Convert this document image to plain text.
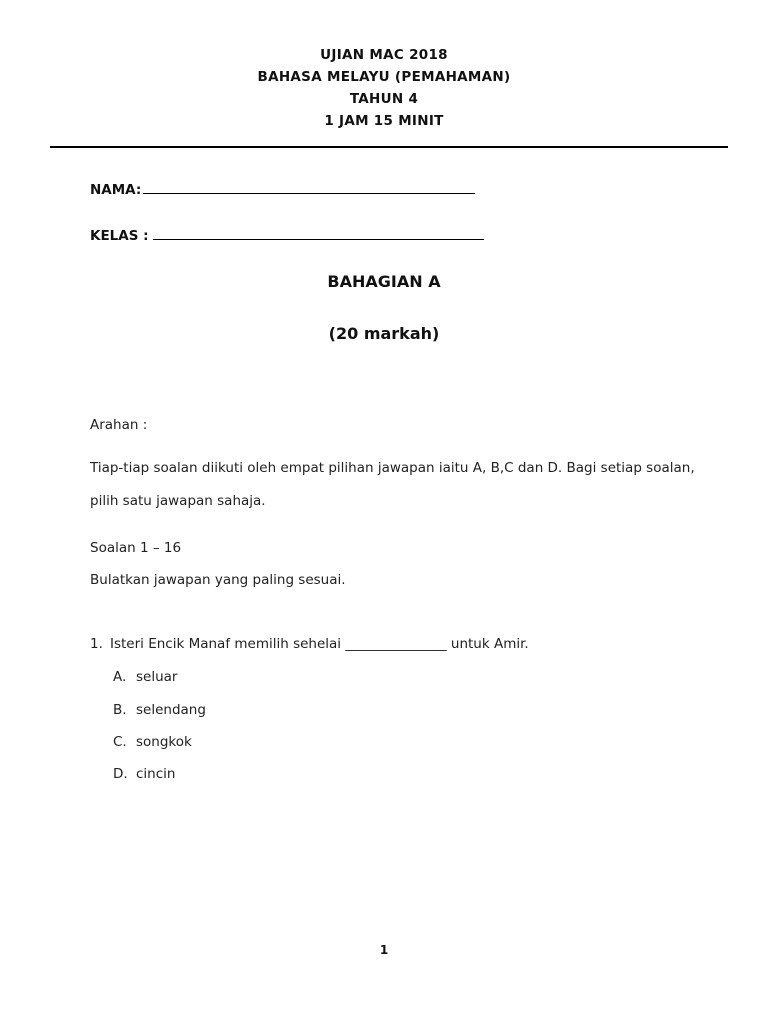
UJIAN MAC 2018
BAHASA MELAYU (PEMAHAMAN)
TAHUN 4
1 JAM 15 MINIT
NAMA:
KELAS :
BAHAGIAN A
(20 markah)
Arahan :
Tiap-tiap soalan diikuti oleh empat pilihan jawapan iaitu A, B,C dan D. Bagi setiap soalan, pilih satu jawapan sahaja.
Soalan 1 – 16
Bulatkan jawapan yang paling sesuai.
1. Isteri Encik Manaf memilih sehelai _______________ untuk Amir.
A. seluar
B. selendang
C. songkok
D. cincin
1
